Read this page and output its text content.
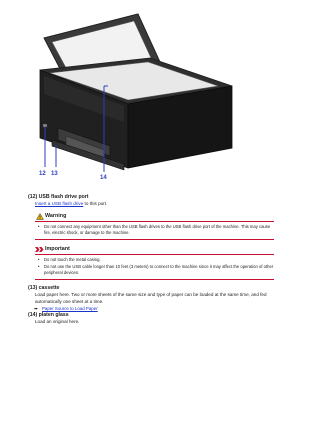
12 13
14
(12) USB flash drive port
Insert a USB flash drive to this port.
Warning
• Do not connect any equipment other than the USB flash drives to the USB flash drive port of the machine. This may cause fire, electric shock, or damage to the machine.
Important
• Do not touch the metal casing.
• Do not use the USB cable longer than 10 feet (3 meters) to connect to the machine since it may affect the operation of other peripheral devices.
(13) cassette
Load paper here. Two or more sheets of the same size and type of paper can be loaded at the same time, and fed automatically one sheet at a time.
➡ Paper Source to Load Paper
(14) platen glass
Load an original here.
